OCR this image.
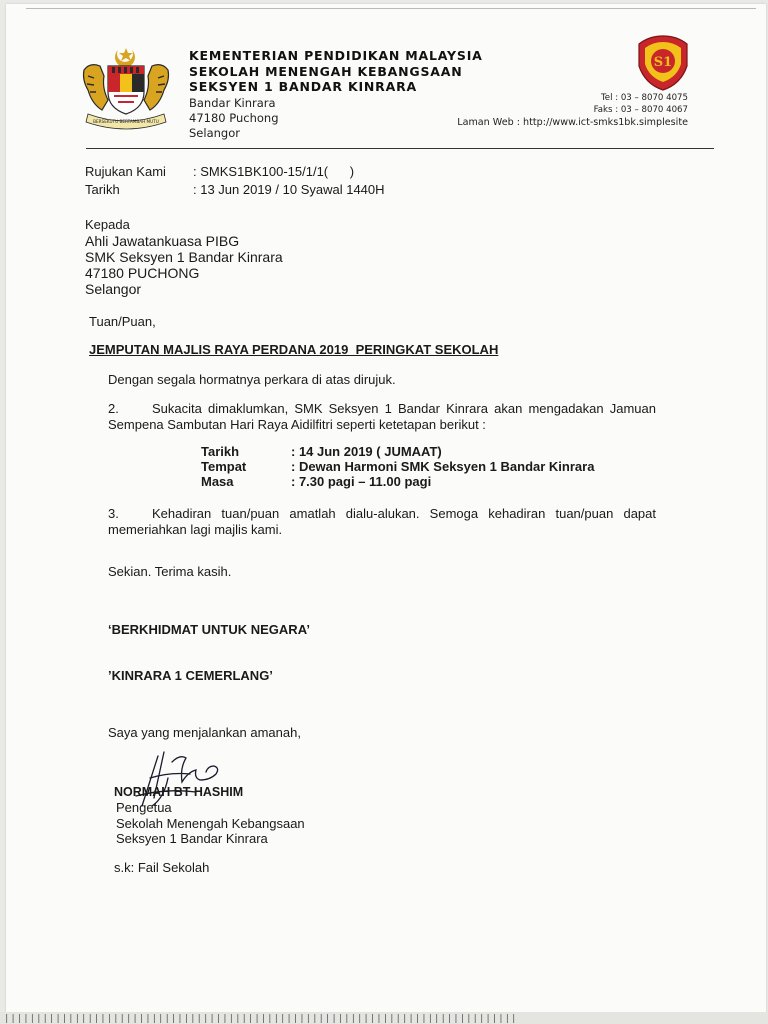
BERSEKUTU BERTAMBAH MUTU
S1
KEMENTERIAN PENDIDIKAN MALAYSIA
SEKOLAH MENENGAH KEBANGSAAN
SEKSYEN 1 BANDAR KINRARA
Bandar Kinrara
47180 Puchong
Selangor
Tel : 03 – 8070 4075
Faks : 03 – 8070 4067
Laman Web : http://www.ict-smks1bk.simplesite
Rujukan Kami : SMKS1BK100-15/1/1(      )
Tarikh	: 13 Jun 2019 / 10 Syawal 1440H
Kepada
Ahli Jawatankuasa PIBG
SMK Seksyen 1 Bandar Kinrara
47180 PUCHONG
Selangor
Tuan/Puan,
JEMPUTAN MAJLIS RAYA PERDANA 2019  PERINGKAT SEKOLAH
Dengan segala hormatnya perkara di atas dirujuk.
2.	Sukacita dimaklumkan, SMK Seksyen 1 Bandar Kinrara akan mengadakan Jamuan Sempena Sambutan Hari Raya Aidilfitri seperti ketetapan berikut :
Tarikh	: 14 Jun 2019 ( JUMAAT)
Tempat	: Dewan Harmoni SMK Seksyen 1 Bandar Kinrara
Masa	: 7.30 pagi – 11.00 pagi
3.	Kehadiran tuan/puan amatlah dialu-alukan. Semoga kehadiran tuan/puan dapat memeriahkan lagi majlis kami.
Sekian. Terima kasih.
‘BERKHIDMAT UNTUK NEGARA’
’KINRARA 1 CEMERLANG’
Saya yang menjalankan amanah,
NORMAH BT HASHIM
Pengetua
Sekolah Menengah Kebangsaan
Seksyen 1 Bandar Kinrara
s.k: Fail Sekolah
||||||||||||||||||||||||||||||||||||||||||||||||||||||||||||||||||||||||||||||||
